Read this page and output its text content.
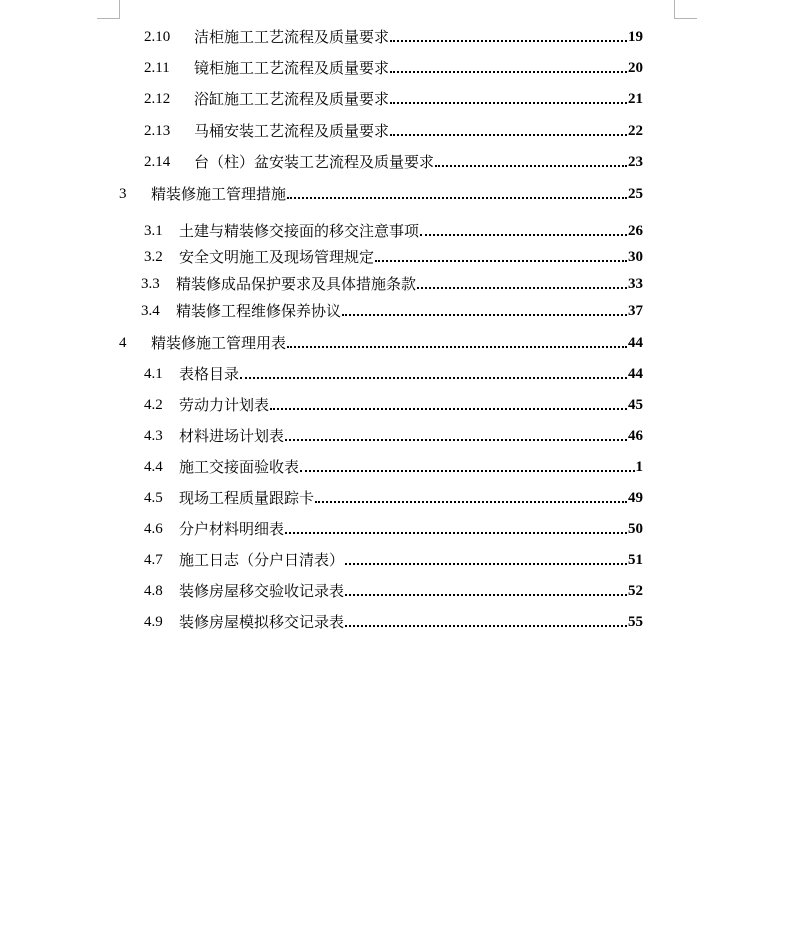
2.10	洁柜施工工艺流程及质量要求	19
2.11	镜柜施工工艺流程及质量要求	20
2.12	浴缸施工工艺流程及质量要求	21
2.13	马桶安装工艺流程及质量要求	22
2.14	台（柱）盆安装工艺流程及质量要求	23
3	精装修施工管理措施	25
3.1	土建与精装修交接面的移交注意事项	26
3.2	安全文明施工及现场管理规定	30
3.3	精装修成品保护要求及具体措施条款	33
3.4	精装修工程维修保养协议	37
4	精装修施工管理用表	44
4.1	表格目录	44
4.2	劳动力计划表	45
4.3	材料进场计划表	46
4.4	施工交接面验收表	1
4.5	现场工程质量跟踪卡	49
4.6	分户材料明细表	50
4.7	施工日志（分户日清表）	51
4.8	装修房屋移交验收记录表	52
4.9	装修房屋模拟移交记录表	55
